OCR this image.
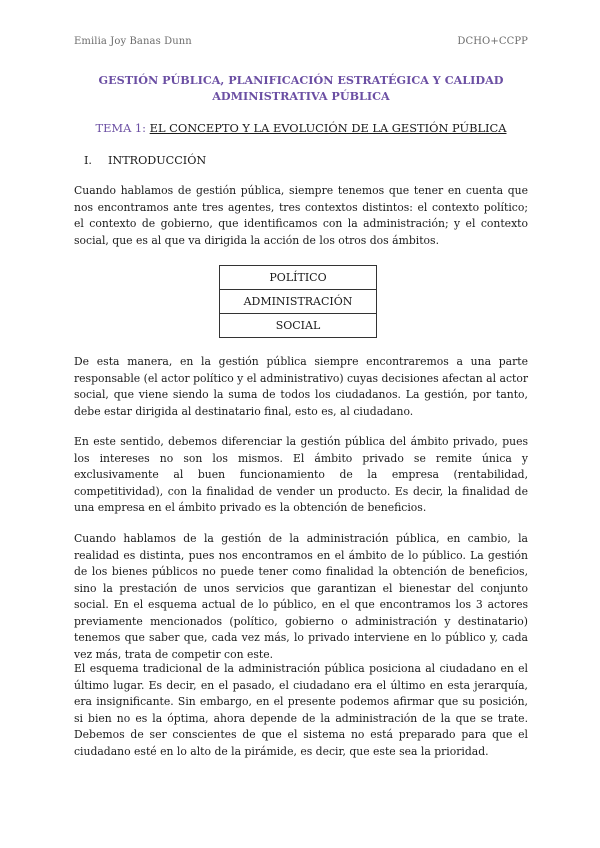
Emilia Joy Banas Dunn	DCHO+CCPP
GESTIÓN PÚBLICA, PLANIFICACIÓN ESTRATÉGICA Y CALIDAD
ADMINISTRATIVA PÚBLICA
TEMA 1: EL CONCEPTO Y LA EVOLUCIÓN DE LA GESTIÓN PÚBLICA
I. INTRODUCCIÓN

Cuando hablamos de gestión pública, siempre tenemos que tener en cuenta que nos encontramos ante tres agentes, tres contextos distintos: el contexto político; el contexto de gobierno, que identificamos con la administración; y el contexto social, que es al que va dirigida la acción de los otros dos ámbitos.

POLÍTICO
ADMINISTRACIÓN
SOCIAL

De esta manera, en la gestión pública siempre encontraremos a una parte responsable (el actor político y el administrativo) cuyas decisiones afectan al actor social, que viene siendo la suma de todos los ciudadanos. La gestión, por tanto, debe estar dirigida al destinatario final, esto es, al ciudadano.

En este sentido, debemos diferenciar la gestión pública del ámbito privado, pues los intereses no son los mismos. El ámbito privado se remite única y exclusivamente al buen funcionamiento de la empresa (rentabilidad, competitividad), con la finalidad de vender un producto. Es decir, la finalidad de una empresa en el ámbito privado es la obtención de beneficios.

Cuando hablamos de la gestión de la administración pública, en cambio, la realidad es distinta, pues nos encontramos en el ámbito de lo público. La gestión de los bienes públicos no puede tener como finalidad la obtención de beneficios, sino la prestación de unos servicios que garantizan el bienestar del conjunto social. En el esquema actual de lo público, en el que encontramos los 3 actores previamente mencionados (político, gobierno o administración y destinatario) tenemos que saber que, cada vez más, lo privado interviene en lo público y, cada vez más, trata de competir con este.

El esquema tradicional de la administración pública posiciona al ciudadano en el último lugar. Es decir, en el pasado, el ciudadano era el último en esta jerarquía, era insignificante. Sin embargo, en el presente podemos afirmar que su posición, si bien no es la óptima, ahora depende de la administración de la que se trate. Debemos de ser conscientes de que el sistema no está preparado para que el ciudadano esté en lo alto de la pirámide, es decir, que este sea la prioridad.
